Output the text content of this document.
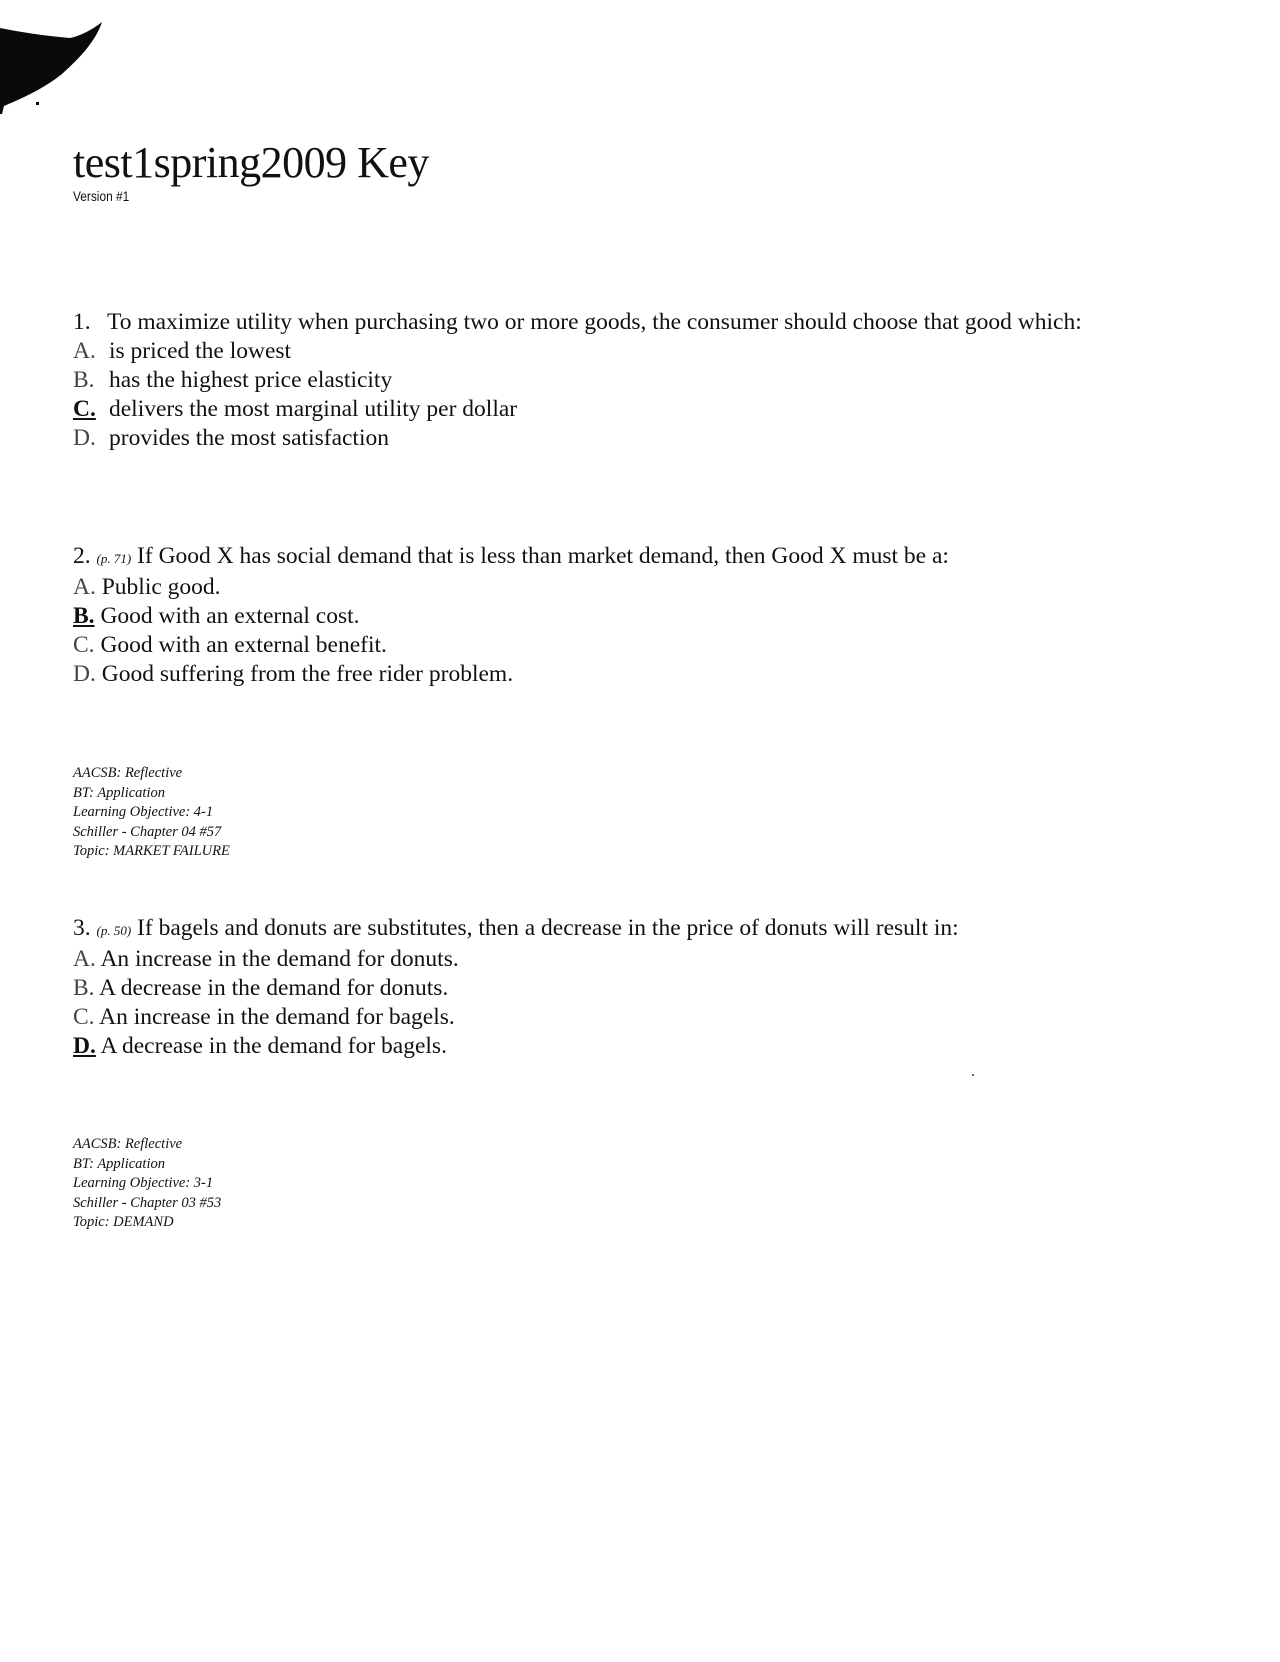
test1spring2009 Key
Version #1
1. To maximize utility when purchasing two or more goods, the consumer should choose that good which:
A. is priced the lowest
B. has the highest price elasticity
C. delivers the most marginal utility per dollar
D. provides the most satisfaction
2. (p. 71) If Good X has social demand that is less than market demand, then Good X must be a:
A. Public good.
B. Good with an external cost.
C. Good with an external benefit.
D. Good suffering from the free rider problem.
AACSB: Reflective
BT: Application
Learning Objective: 4-1
Schiller - Chapter 04 #57
Topic: MARKET FAILURE
3. (p. 50) If bagels and donuts are substitutes, then a decrease in the price of donuts will result in:
A. An increase in the demand for donuts.
B. A decrease in the demand for donuts.
C. An increase in the demand for bagels.
D. A decrease in the demand for bagels.
AACSB: Reflective
BT: Application
Learning Objective: 3-1
Schiller - Chapter 03 #53
Topic: DEMAND
